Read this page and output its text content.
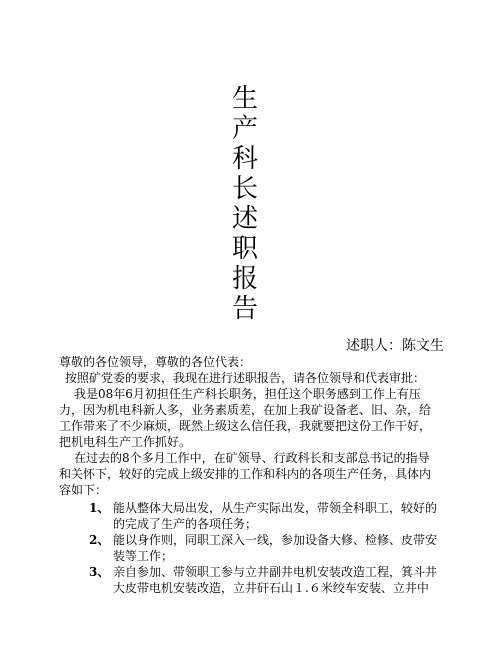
生
产
科
长
述
职
报
告
述职人：陈文生
尊敬的各位领导，尊敬的各位代表：
按照矿党委的要求，我现在进行述职报告，请各位领导和代表审批：
我是08年6月初担任生产科长职务，担任这个职务感到工作上有压
力，因为机电科新人多，业务素质差，在加上我矿设备老、旧、杂，给
工作带来了不少麻烦，既然上级这么信任我，我就要把这份工作干好，
把机电科生产工作抓好。
在过去的8个多月工作中，在矿领导、行政科长和支部总书记的指导
和关怀下，较好的完成上级安排的工作和科内的各项生产任务，具体内
容如下：
1、 能从整体大局出发，从生产实际出发，带领全科职工，较好的
的完成了生产的各项任务；
2、 能以身作则，同职工深入一线，参加设备大修、检修、皮带安
装等工作；
3、 亲自参加、带领职工参与立井副井电机安装改造工程，箕斗井
大皮带电机安装改造，立井矸石山１.６米绞车安装、立井中
